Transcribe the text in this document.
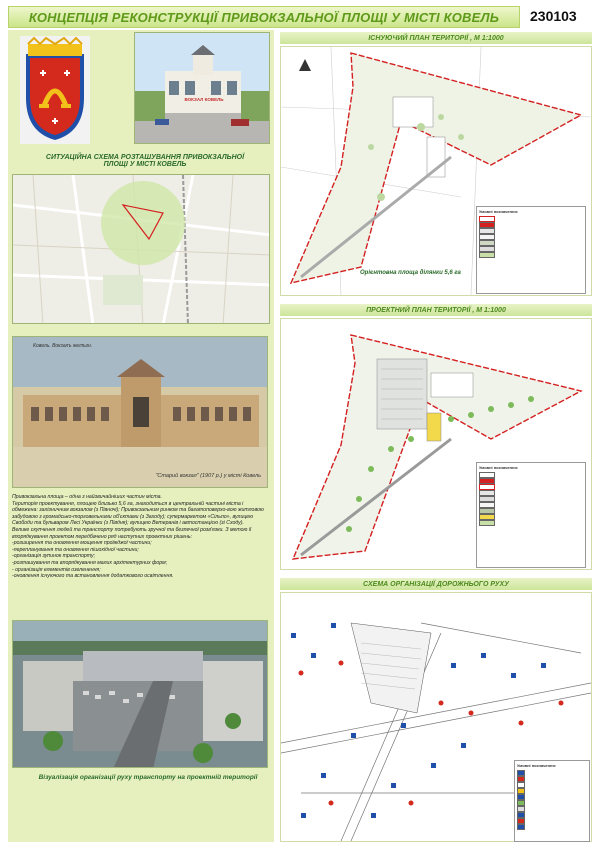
КОНЦЕПЦІЯ РЕКОНСТРУКЦІЇ ПРИВОКЗАЛЬНОЇ ПЛОЩІ У МІСТІ КОВЕЛЬ	230103
ВОКЗАЛ КОВЕЛЬ
СИТУАЦІЙНА СХЕМА РОЗТАШУВАННЯ ПРИВОКЗАЛЬНОЇ ПЛОЩІ У МІСТІ КОВЕЛЬ
Ковель. Вокзалъ желѣзн.
"Старий вокзал" (1907 р.) у місті Ковель
Привокзальна площа – одна з найзвичайніших частин міста.
Територія проектування, площею близько 5,6 га, знаходиться в центральній частині міста і обмежена: залізничним вокзалом (з Півночі); Привокзальним ринком та багатоповерхо-вою житловою забудовою з громадсько-торговельними об'єктами (з Заходу); супермаркетом «Сільпо», вулицею Свободи та бульваром Лесі Українки (з Півдня); вулицею Ветеранів і автостанцією (зі Сходу).
Велике скупчення людей та транспорту потребують зручної та безпечної розв'язки. З метою її впорядкування проектом передбачено ряд наступних проектних рішень:
-розширення та оновлення мощення проїжджої частини;
-перепланування та оновлення пішохідної частини;
-організація зупинок транспорту;
-розташування та впорядкування малих архітектурних форм;
- організація елементів озеленення;
-оновлення існуючого та встановлення додаткового освітлення.
Візуалізація організації руху транспорту на проектній території
ІСНУЮЧИЙ ПЛАН ТЕРИТОРІЇ , М 1:1000
Орієнтовна площа ділянки 5,6 га
Умовні позначення:
ПРОЕКТНИЙ ПЛАН ТЕРИТОРІЇ , М 1:1000
Умовні позначення:
СХЕМА ОРГАНІЗАЦІЇ ДОРОЖНЬОГО РУХУ
Умовні позначення:
